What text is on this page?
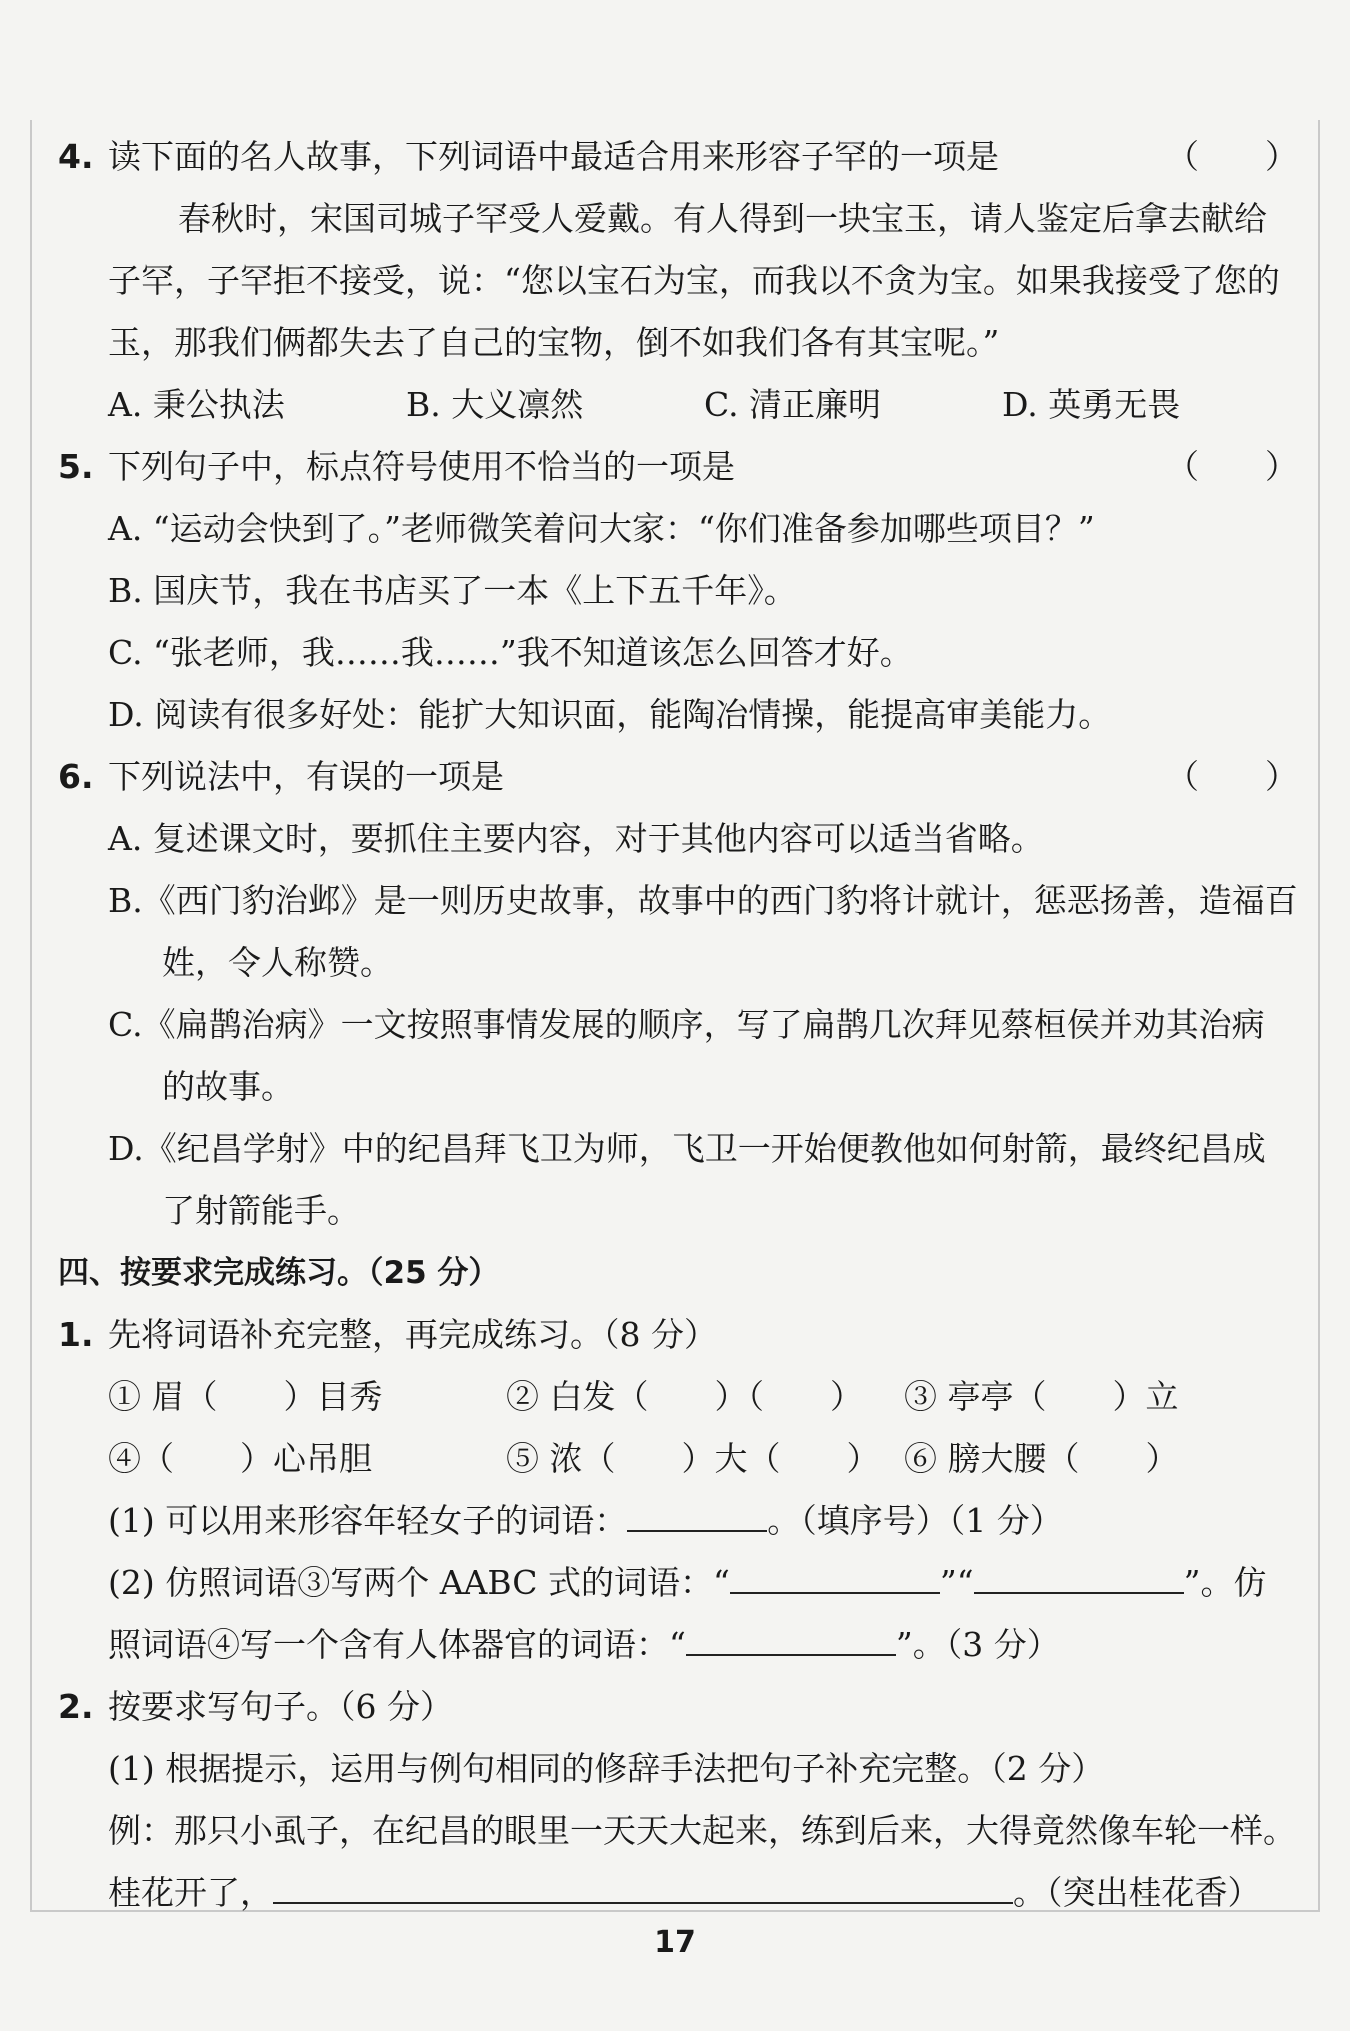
4. 读下面的名人故事，下列词语中最适合用来形容子罕的一项是	（　　）
春秋时，宋国司城子罕受人爱戴。有人得到一块宝玉，请人鉴定后拿去献给
子罕，子罕拒不接受，说：“您以宝石为宝，而我以不贪为宝。如果我接受了您的
玉，那我们俩都失去了自己的宝物，倒不如我们各有其宝呢。”
A. 秉公执法	B. 大义凛然	C. 清正廉明	D. 英勇无畏
5. 下列句子中，标点符号使用不恰当的一项是	（　　）
A. “运动会快到了。”老师微笑着问大家：“你们准备参加哪些项目？”
B. 国庆节，我在书店买了一本《上下五千年》。
C. “张老师，我……我……”我不知道该怎么回答才好。
D. 阅读有很多好处：能扩大知识面，能陶冶情操，能提高审美能力。
6. 下列说法中，有误的一项是	（　　）
A. 复述课文时，要抓住主要内容，对于其他内容可以适当省略。
B.《西门豹治邺》是一则历史故事，故事中的西门豹将计就计，惩恶扬善，造福百
姓，令人称赞。
C.《扁鹊治病》一文按照事情发展的顺序，写了扁鹊几次拜见蔡桓侯并劝其治病
的故事。
D.《纪昌学射》中的纪昌拜飞卫为师，飞卫一开始便教他如何射箭，最终纪昌成
了射箭能手。
四、按要求完成练习。（25 分）
1. 先将词语补充完整，再完成练习。（8 分）
① 眉（　　）目秀	② 白发（　　）（　　） ③ 亭亭（　　）立
④（　　）心吊胆	⑤ 浓（　　）大（　　） ⑥ 膀大腰（　　）
(1) 可以用来形容年轻女子的词语：	。（填序号）（1 分）
(2) 仿照词语③写两个 AABC 式的词语：“	”“	”。仿
照词语④写一个含有人体器官的词语：“	”。（3 分）
2. 按要求写句子。（6 分）
(1) 根据提示，运用与例句相同的修辞手法把句子补充完整。（2 分）
例：那只小虱子，在纪昌的眼里一天天大起来，练到后来，大得竟然像车轮一样。
桂花开了，	。（突出桂花香）
17
